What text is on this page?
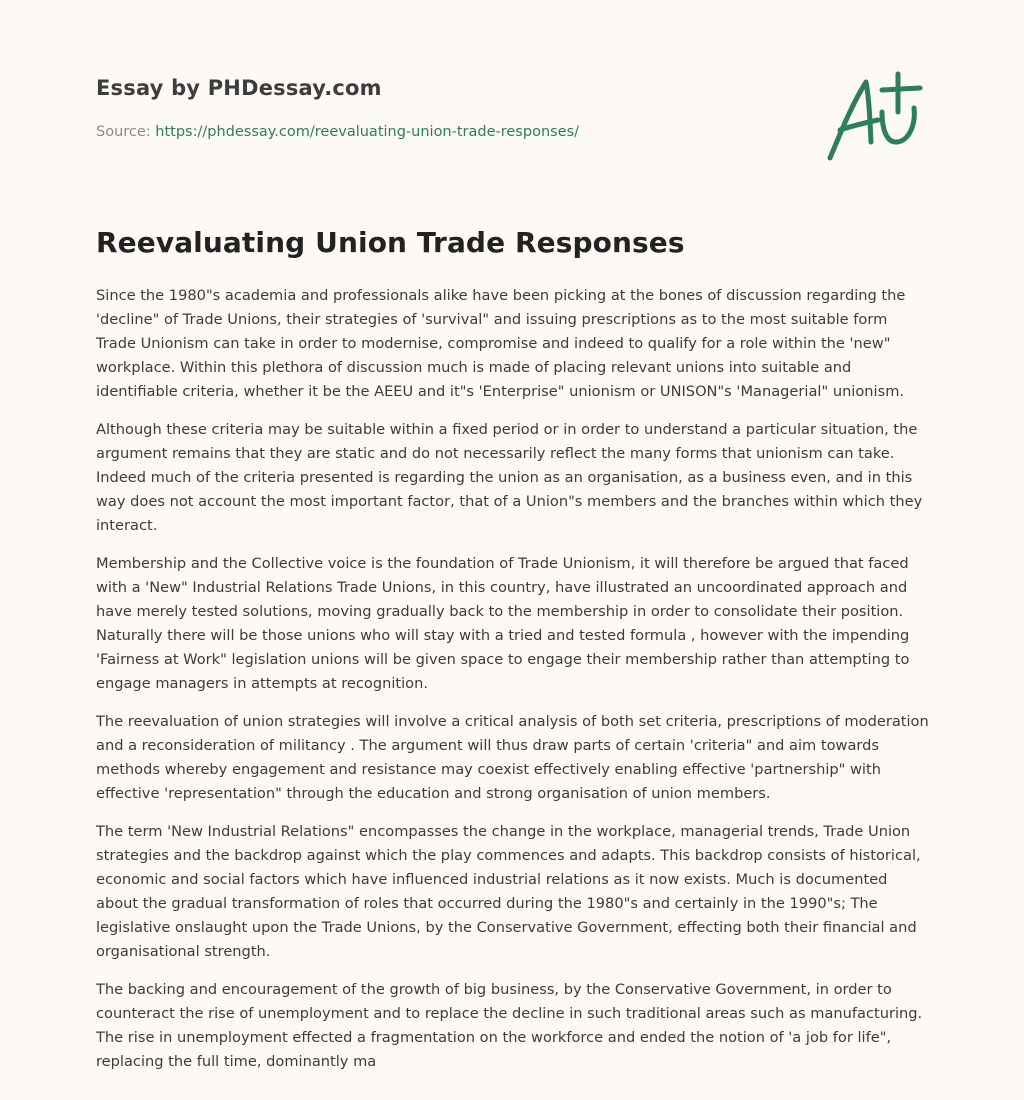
Essay by PHDessay.com
Source: https://phdessay.com/reevaluating-union-trade-responses/
Reevaluating Union Trade Responses

Since the 1980"s academia and professionals alike have been picking at the bones of discussion regarding the 'decline" of Trade Unions, their strategies of 'survival" and issuing prescriptions as to the most suitable form Trade Unionism can take in order to modernise, compromise and indeed to qualify for a role within the 'new" workplace. Within this plethora of discussion much is made of placing relevant unions into suitable and identifiable criteria, whether it be the AEEU and it"s 'Enterprise" unionism or UNISON"s 'Managerial" unionism.

Although these criteria may be suitable within a fixed period or in order to understand a particular situation, the argument remains that they are static and do not necessarily reflect the many forms that unionism can take. Indeed much of the criteria presented is regarding the union as an organisation, as a business even, and in this way does not account the most important factor, that of a Union"s members and the branches within which they interact.

Membership and the Collective voice is the foundation of Trade Unionism, it will therefore be argued that faced with a 'New" Industrial Relations Trade Unions, in this country, have illustrated an uncoordinated approach and have merely tested solutions, moving gradually back to the membership in order to consolidate their position. Naturally there will be those unions who will stay with a tried and tested formula , however with the impending 'Fairness at Work" legislation unions will be given space to engage their membership rather than attempting to engage managers in attempts at recognition.

The reevaluation of union strategies will involve a critical analysis of both set criteria, prescriptions of moderation and a reconsideration of militancy . The argument will thus draw parts of certain 'criteria" and aim towards methods whereby engagement and resistance may coexist effectively enabling effective 'partnership" with effective 'representation" through the education and strong organisation of union members.

The term 'New Industrial Relations" encompasses the change in the workplace, managerial trends, Trade Union strategies and the backdrop against which the play commences and adapts. This backdrop consists of historical, economic and social factors which have influenced industrial relations as it now exists. Much is documented about the gradual transformation of roles that occurred during the 1980"s and certainly in the 1990"s; The legislative onslaught upon the Trade Unions, by the Conservative Government, effecting both their financial and organisational strength.

The backing and encouragement of the growth of big business, by the Conservative Government, in order to counteract the rise of unemployment and to replace the decline in such traditional areas such as manufacturing. The rise in unemployment effected a fragmentation on the workforce and ended the notion of 'a job for life", replacing the full time, dominantly ma
